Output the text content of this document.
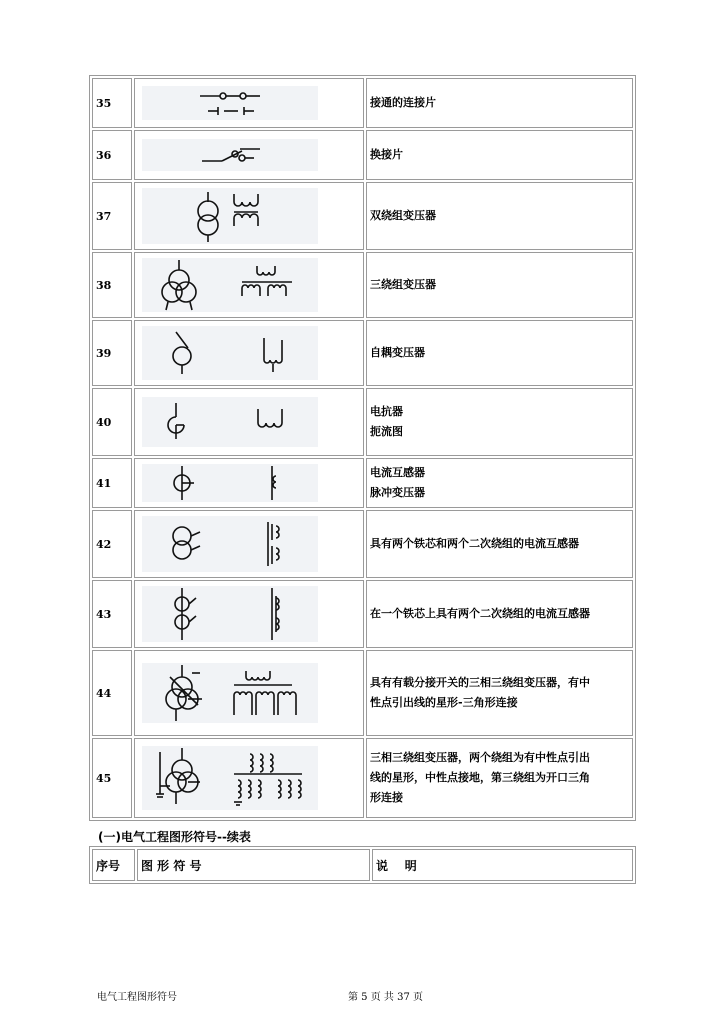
35		接通的连接片

36		换接片

37		双绕组变压器

38		三绕组变压器

39		自耦变压器

40		电抗器
扼流图

41		电流互感器
脉冲变压器

42		具有两个铁芯和两个二次绕组的电流互感器

43		在一个铁芯上具有两个二次绕组的电流互感器

44		具有有载分接开关的三相三绕组变压器，有中
性点引出线的星形-三角形连接

45		三相三绕组变压器，两个绕组为有中性点引出
线的星形，中性点接地，第三绕组为开口三角
形连接
(一)电气工程图形符号--续表
序号	图 形 符 号	说    明
电气工程图形符号	第 5 页 共 37 页
